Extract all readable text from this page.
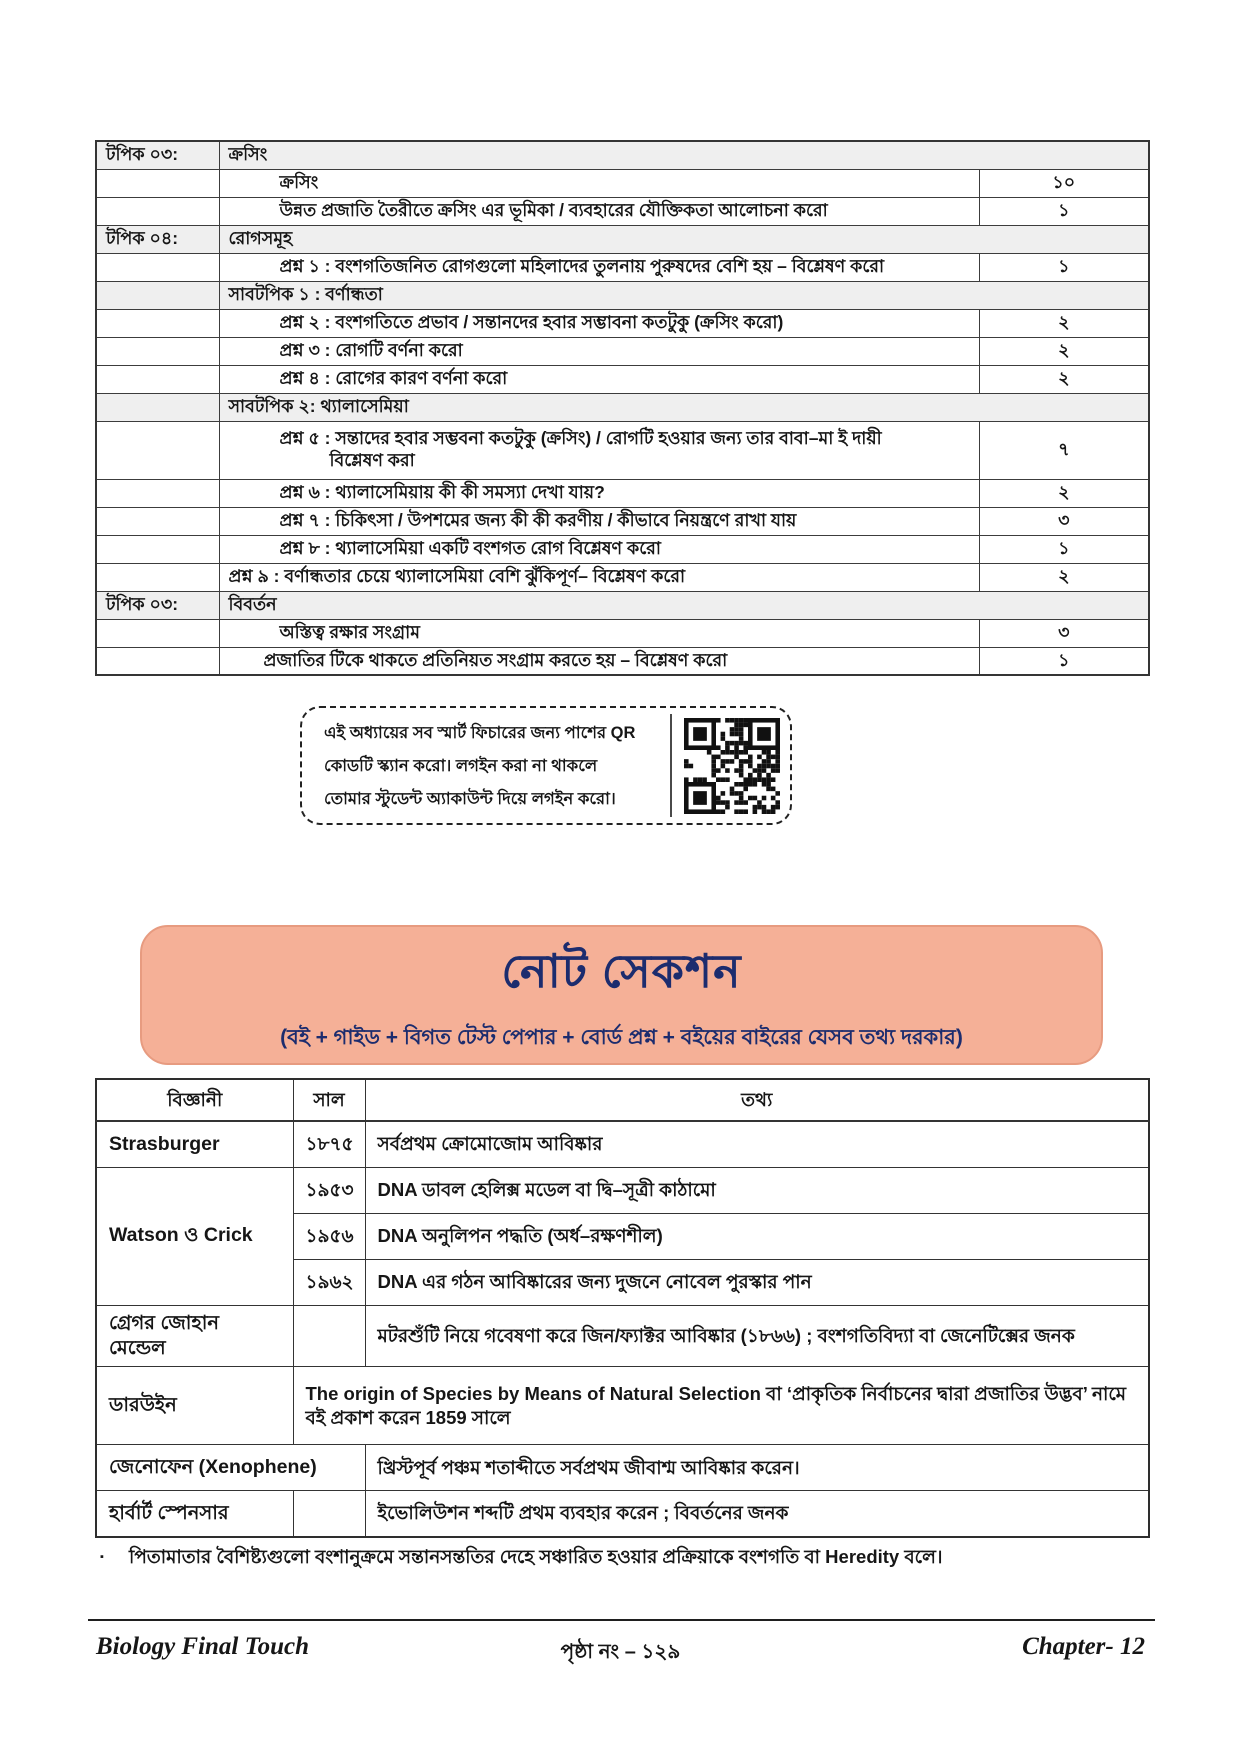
টপিক ০৩:	ক্রসিং	
	ক্রসিং	১০
	উন্নত প্রজাতি তৈরীতে ক্রসিং এর ভূমিকা / ব্যবহারের যৌক্তিকতা আলোচনা করো	১
টপিক ০৪:	রোগসমূহ	
	প্রশ্ন ১ : বংশগতিজনিত রোগগুলো মহিলাদের তুলনায় পুরুষদের বেশি হয় – বিশ্লেষণ করো	১
	সাবটপিক ১ : বর্ণান্ধতা	
	প্রশ্ন ২ : বংশগতিতে প্রভাব / সন্তানদের হবার সম্ভাবনা কতটুকু (ক্রসিং করো)	২
	প্রশ্ন ৩ : রোগটি বর্ণনা করো	২
	প্রশ্ন ৪ : রোগের কারণ বর্ণনা করো	২
	সাবটপিক ২: থ্যালাসেমিয়া	

	প্রশ্ন ৫ : সন্তাদের হবার সম্ভবনা কতটুকু (ক্রসিং) / রোগটি হওয়ার জন্য তার বাবা–মা ই দায়ী
বিশ্লেষণ করা	৭
	প্রশ্ন ৬ : থ্যালাসেমিয়ায় কী কী সমস্যা দেখা যায়?	২
	প্রশ্ন ৭ : চিকিৎসা / উপশমের জন্য কী কী করণীয় / কীভাবে নিয়ন্ত্রণে রাখা যায়	৩
	প্রশ্ন ৮ : থ্যালাসেমিয়া একটি বংশগত রোগ বিশ্লেষণ করো	১
	প্রশ্ন ৯ : বর্ণান্ধতার চেয়ে থ্যালাসেমিয়া বেশি ঝুঁকিপূর্ণ– বিশ্লেষণ করো	২
টপিক ০৩:	বিবর্তন	
	অস্তিত্ব রক্ষার সংগ্রাম	৩
	প্রজাতির টিকে থাকতে প্রতিনিয়ত সংগ্রাম করতে হয় – বিশ্লেষণ করো	১
এই অধ্যায়ের সব স্মার্ট ফিচারের জন্য পাশের QR
কোডটি স্ক্যান করো। লগইন করা না থাকলে
তোমার স্টুডেন্ট অ্যাকাউন্ট দিয়ে লগইন করো।
নোট সেকশন
(বই + গাইড + বিগত টেস্ট পেপার + বোর্ড প্রশ্ন + বইয়ের বাইরের যেসব তথ্য দরকার)
বিজ্ঞানী	সাল	তথ্য
Strasburger	১৮৭৫	সর্বপ্রথম ক্রোমোজোম আবিষ্কার
Watson ও Crick	১৯৫৩	DNA ডাবল হেলিক্স মডেল বা দ্বি–সূত্রী কাঠামো
	১৯৫৬	DNA অনুলিপন পদ্ধতি (অর্ধ–রক্ষণশীল)
	১৯৬২	DNA এর গঠন আবিষ্কারের জন্য দুজনে নোবেল পুরস্কার পান
গ্রেগর জোহান মেন্ডেল		মটরশুঁটি নিয়ে গবেষণা করে জিন/ফ্যাক্টর আবিষ্কার (১৮৬৬) ; বংশগতিবিদ্যা বা জেনেটিক্সের জনক
ডারউইন	The origin of Species by Means of Natural Selection বা ‘প্রাকৃতিক নির্বাচনের দ্বারা প্রজাতির উদ্ভব’ নামে বই প্রকাশ করেন 1859 সালে	
জেনোফেন (Xenophene)		খ্রিস্টপূর্ব পঞ্চম শতাব্দীতে সর্বপ্রথম জীবাশ্ম আবিষ্কার করেন।
হার্বার্ট স্পেনসার		ইভোলিউশন শব্দটি প্রথম ব্যবহার করেন ; বিবর্তনের জনক
▪ পিতামাতার বৈশিষ্ট্যগুলো বংশানুক্রমে সন্তানসন্ততির দেহে সঞ্চারিত হওয়ার প্রক্রিয়াকে বংশগতি বা Heredity বলে।
Biology Final Touch	পৃষ্ঠা নং – ১২৯	Chapter- 12
